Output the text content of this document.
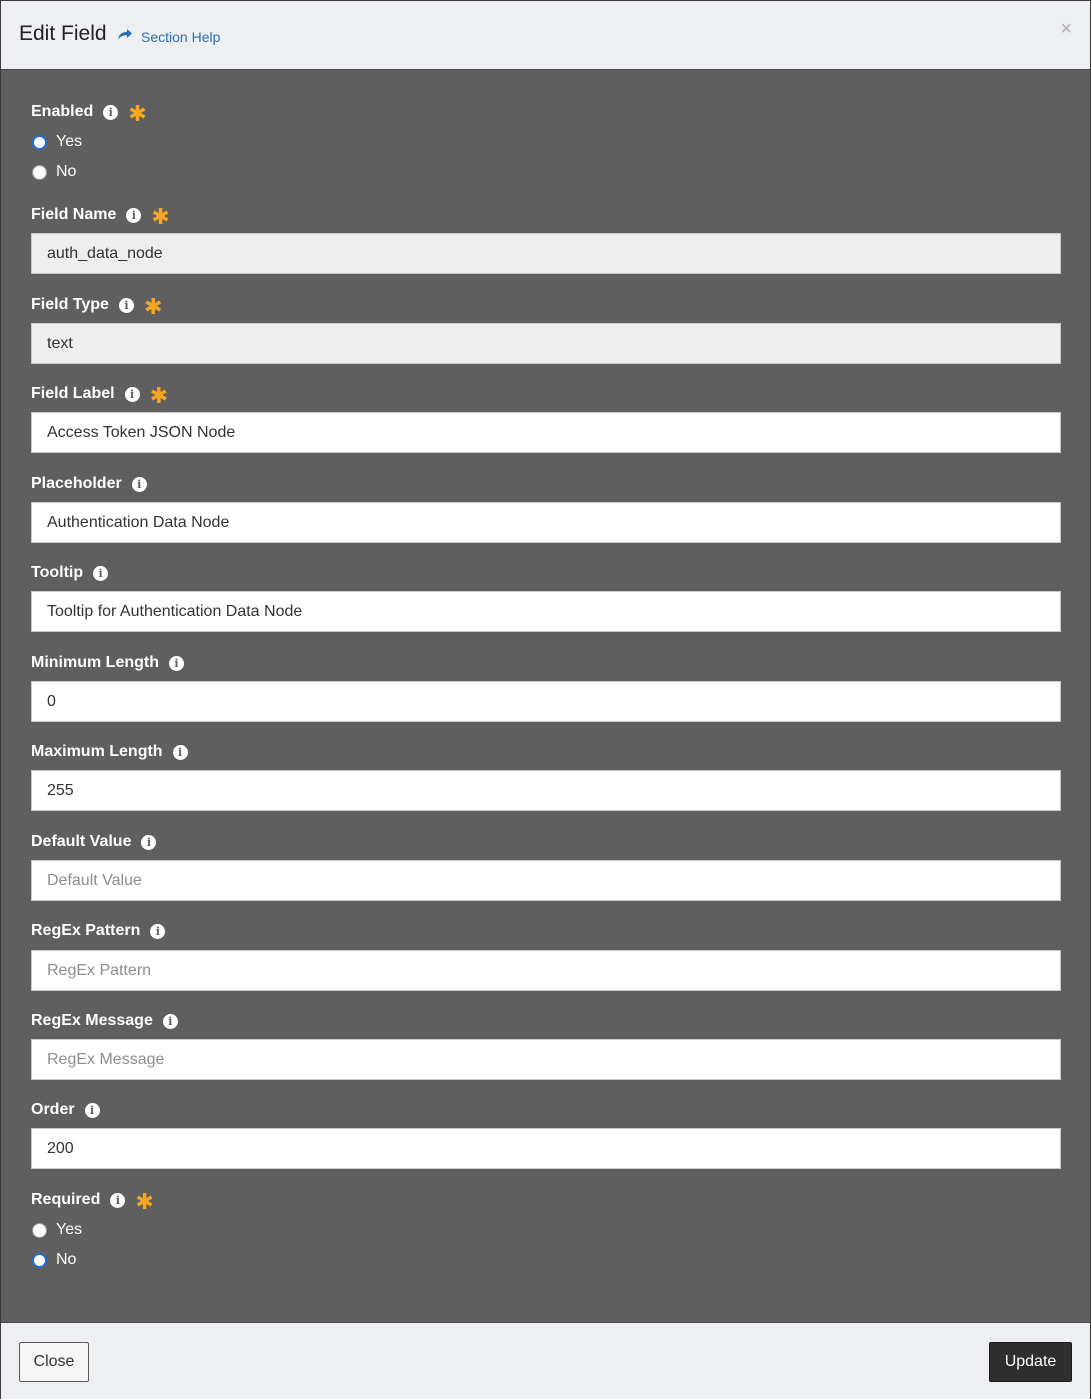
Edit Field Section Help	×
Enabled	i ✱
Yes
No
Field Name	i ✱
auth_data_node
Field Type	i ✱
text
Field Label	i ✱
Access Token JSON Node
Placeholder	i
Authentication Data Node
Tooltip	i
Tooltip for Authentication Data Node
Minimum Length	i
0
Maximum Length	i
255
Default Value	i
Default Value
RegEx Pattern	i
RegEx Pattern
RegEx Message	i
RegEx Message
Order	i
200
Required	i ✱
Yes
No
Close	Update
